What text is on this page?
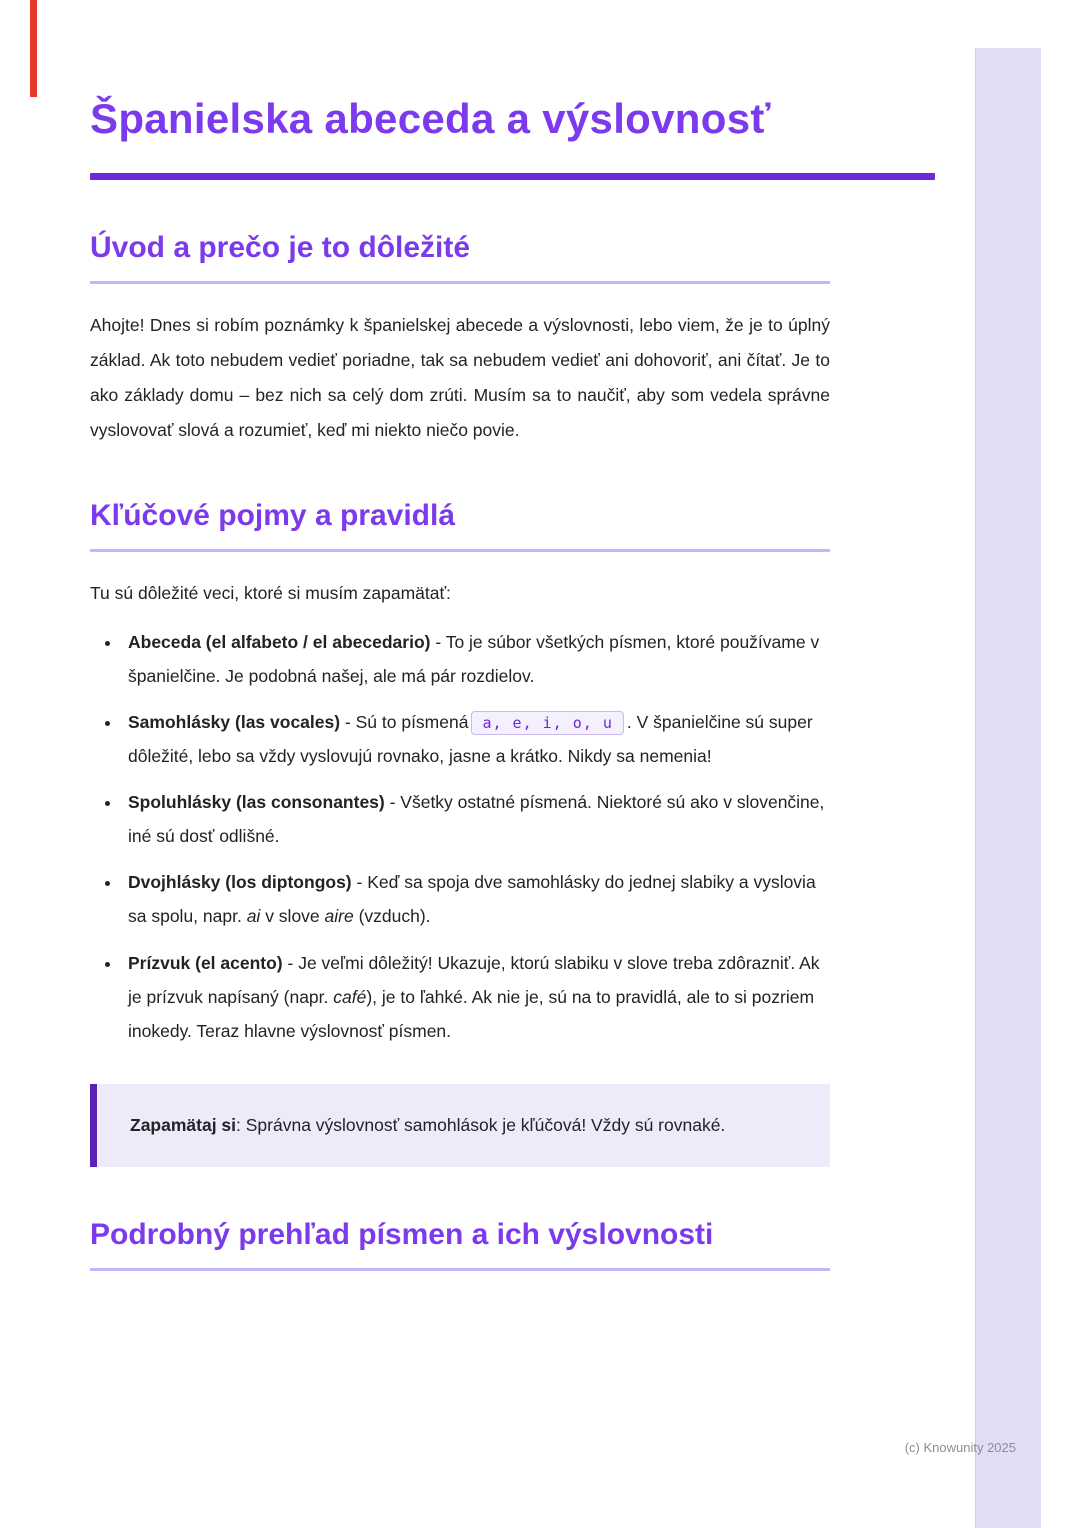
Španielska abeceda a výslovnosť
Úvod a prečo je to dôležité

Ahojte! Dnes si robím poznámky k španielskej abecede a výslovnosti, lebo viem, že je to úplný základ. Ak toto nebudem vedieť poriadne, tak sa nebudem vedieť ani dohovoriť, ani čítať. Je to ako základy domu – bez nich sa celý dom zrúti. Musím sa to naučiť, aby som vedela správne vyslovovať slová a rozumieť, keď mi niekto niečo povie.

Kľúčové pojmy a pravidlá

Tu sú dôležité veci, ktoré si musím zapamätať:

• Abeceda (el alfabeto / el abecedario) - To je súbor všetkých písmen, ktoré používame v španielčine. Je podobná našej, ale má pár rozdielov.
• Samohlásky (las vocales) - Sú to písmená a, e, i, o, u . V španielčine sú super dôležité, lebo sa vždy vyslovujú rovnako, jasne a krátko. Nikdy sa nemenia!
• Spoluhlásky (las consonantes) - Všetky ostatné písmená. Niektoré sú ako v slovenčine, iné sú dosť odlišné.
• Dvojhlásky (los diptongos) - Keď sa spoja dve samohlásky do jednej slabiky a vyslovia sa spolu, napr. ai v slove aire (vzduch).
• Prízvuk (el acento) - Je veľmi dôležitý! Ukazuje, ktorú slabiku v slove treba zdôrazniť. Ak je prízvuk napísaný (napr. café), je to ľahké. Ak nie je, sú na to pravidlá, ale to si pozriem inokedy. Teraz hlavne výslovnosť písmen.

Zapamätaj si: Správna výslovnosť samohlások je kľúčová! Vždy sú rovnaké.

Podrobný prehľad písmen a ich výslovnosti
(c) Knowunity 2025
